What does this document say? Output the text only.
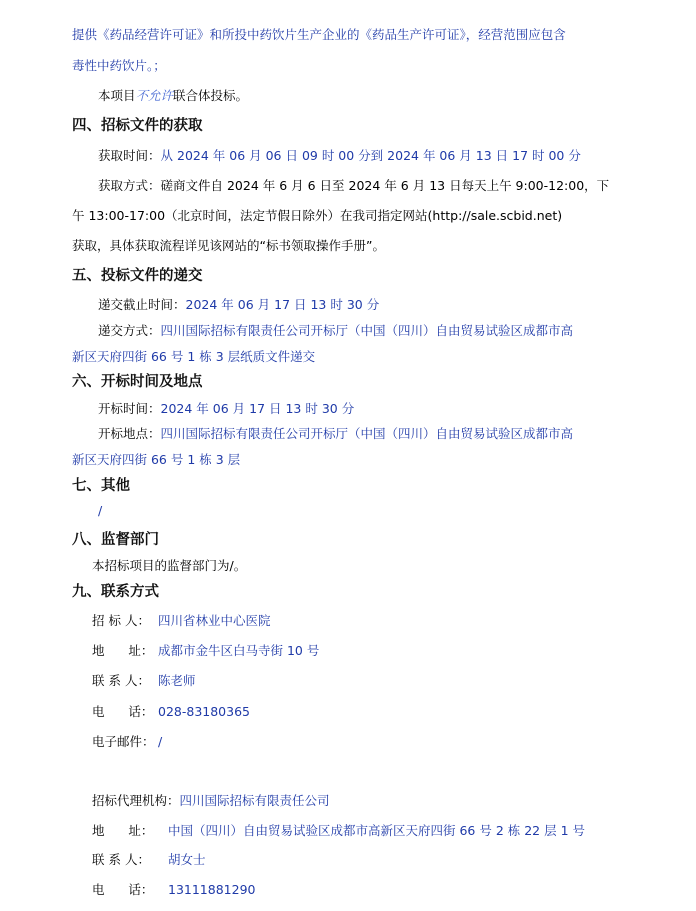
提供《药品经营许可证》和所投中药饮片生产企业的《药品生产许可证》，经营范围应包含
毒性中药饮片。；
本项目不允许联合体投标。
四、招标文件的获取
获取时间：从 2024 年 06 月 06 日 09 时 00 分到 2024 年 06 月 13 日 17 时 00 分
获取方式：磋商文件自 2024 年 6 月 6 日至 2024 年 6 月 13 日每天上午 9:00-12:00，下
午 13:00-17:00（北京时间，法定节假日除外）在我司指定网站(http://sale.scbid.net)
获取，具体获取流程详见该网站的“标书领取操作手册”。
五、投标文件的递交
递交截止时间：2024 年 06 月 17 日 13 时 30 分
递交方式：四川国际招标有限责任公司开标厅（中国（四川）自由贸易试验区成都市高
新区天府四街 66 号 1 栋 3 层纸质文件递交
六、开标时间及地点
开标时间：2024 年 06 月 17 日 13 时 30 分
开标地点：四川国际招标有限责任公司开标厅（中国（四川）自由贸易试验区成都市高
新区天府四街 66 号 1 栋 3 层
七、其他
/
八、监督部门
本招标项目的监督部门为/。
九、联系方式
招 标 人： 四川省林业中心医院
地      址： 成都市金牛区白马寺街 10 号
联 系 人： 陈老师
电      话： 028-83180365
电子邮件： /
招标代理机构：四川国际招标有限责任公司
地      址： 中国（四川）自由贸易试验区成都市高新区天府四街 66 号 2 栋 22 层 1 号
联 系 人： 胡女士
电      话： 13111881290
